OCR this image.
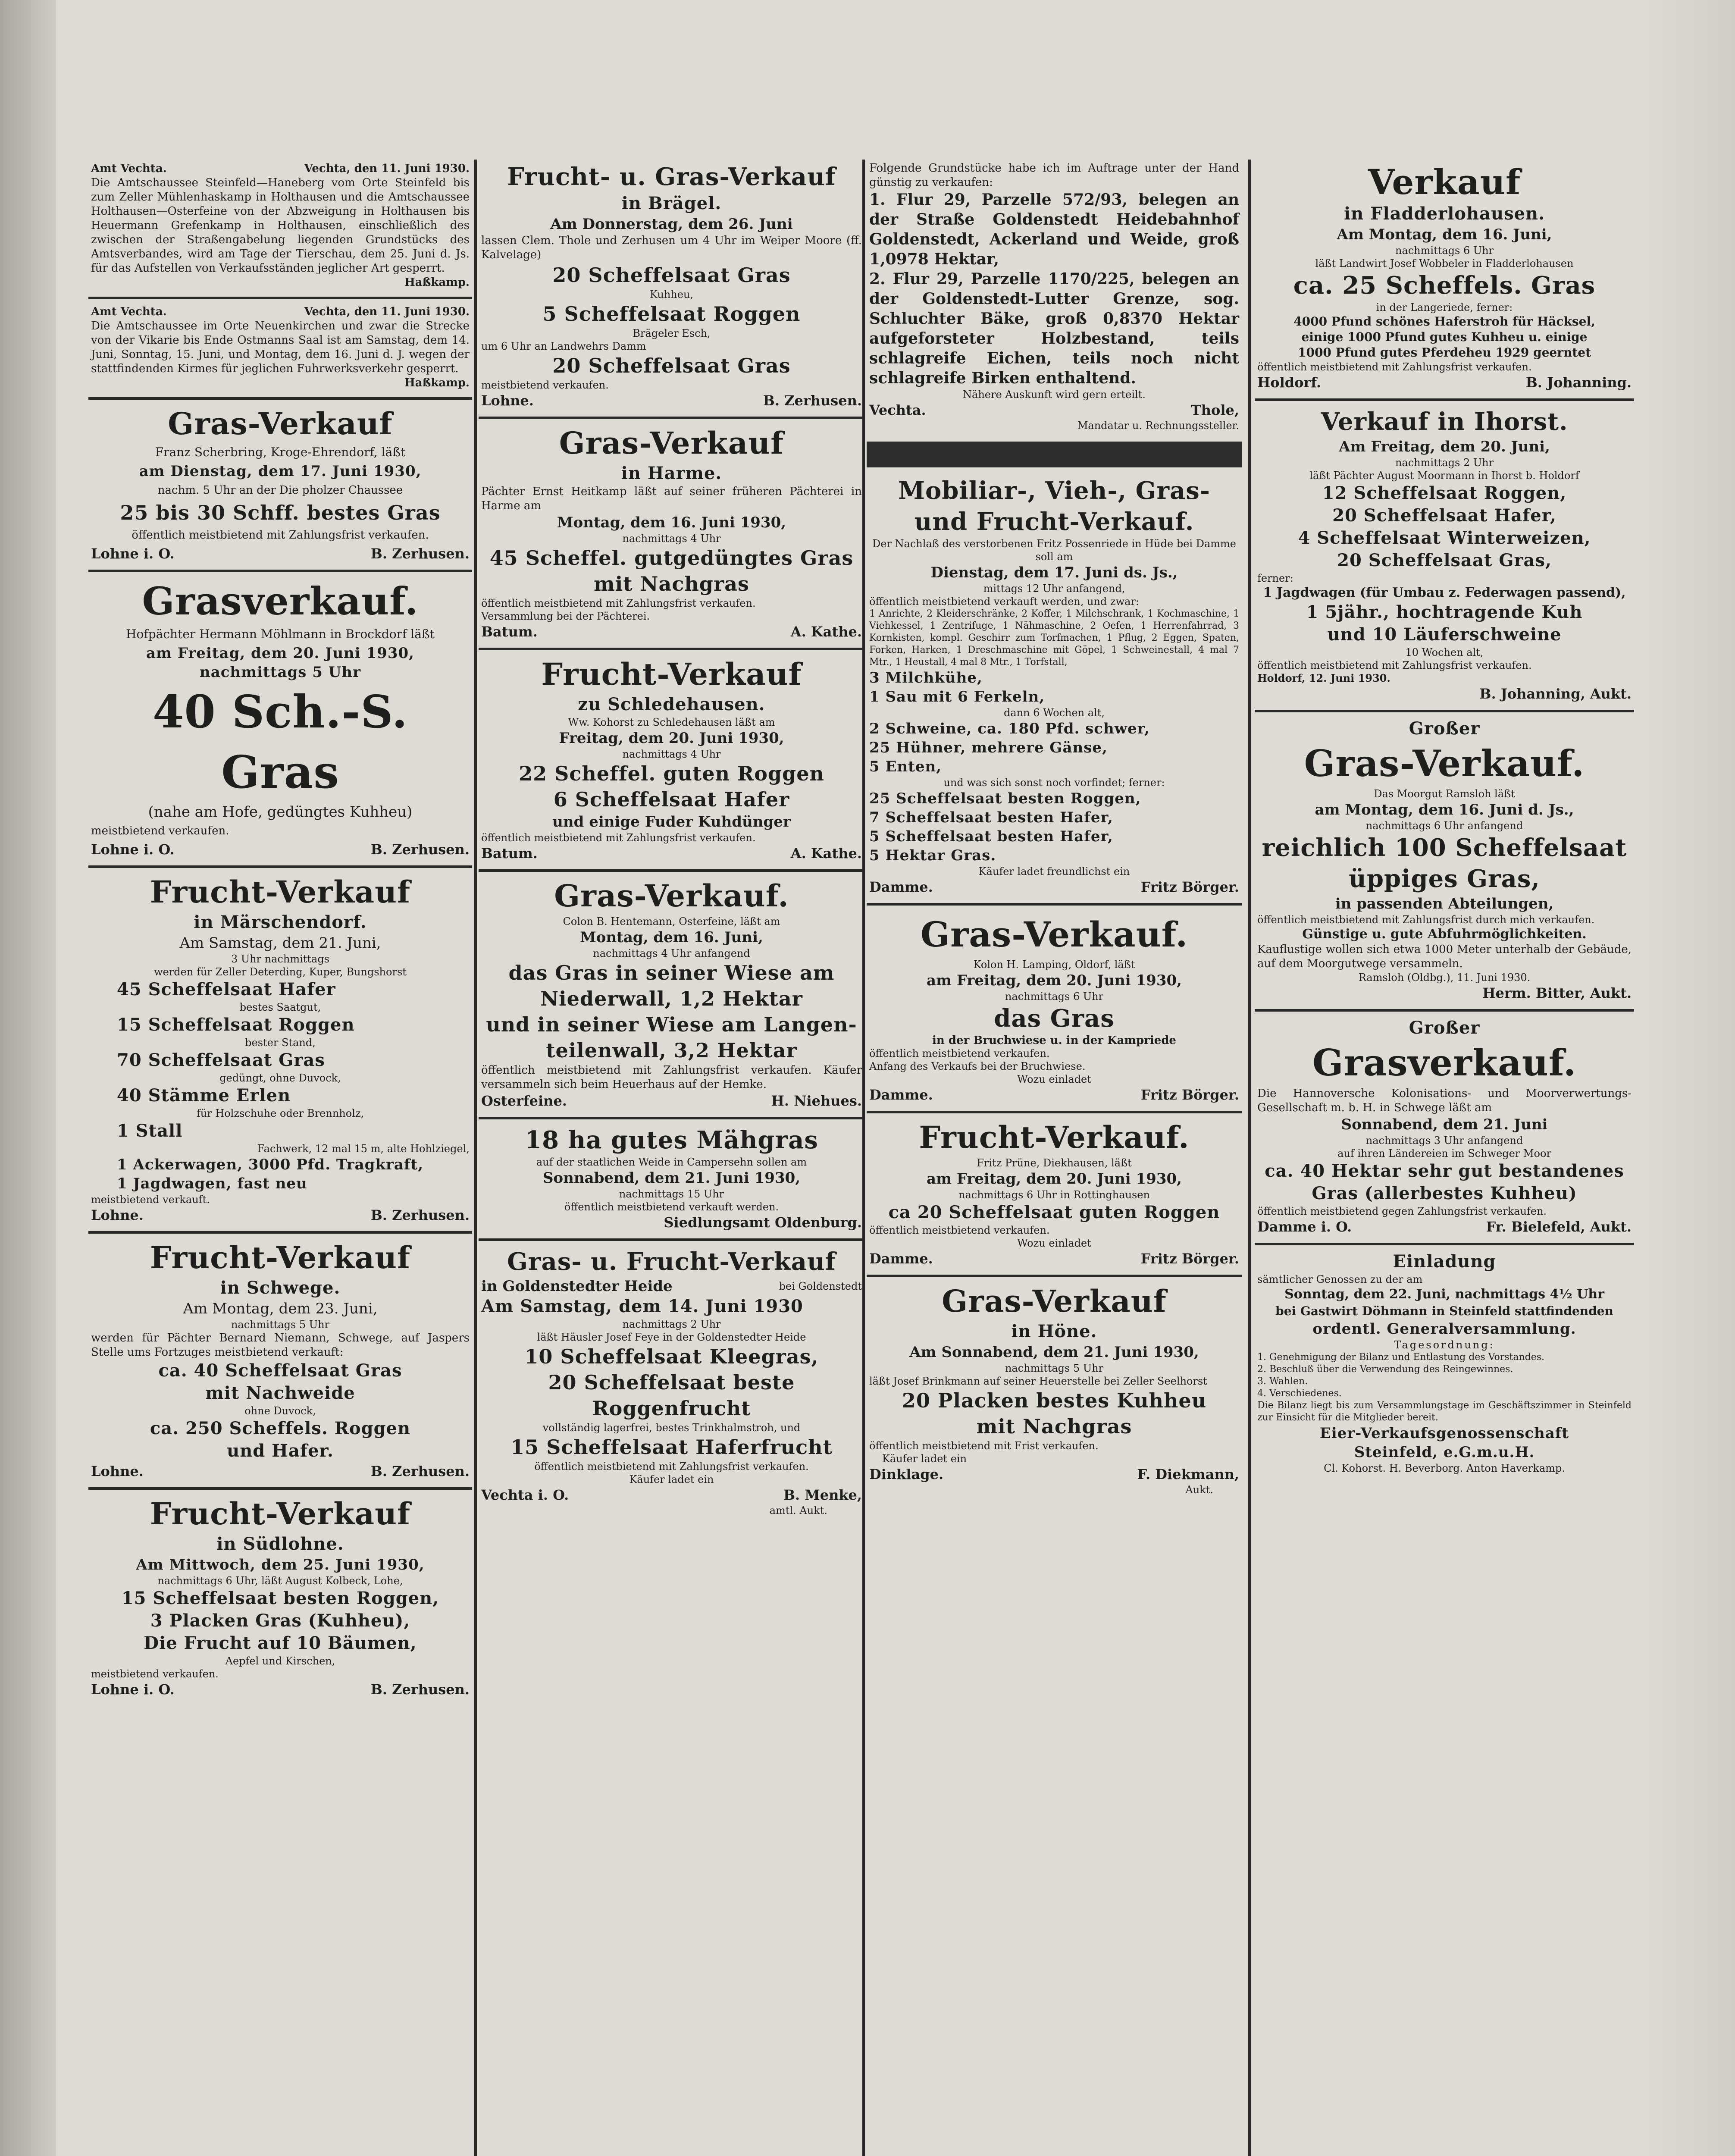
Amt Vechta.	Vechta, den 11. Juni 1930.
Die Amtschaussee Steinfeld—Haneberg vom Orte Steinfeld bis zum Zeller Mühlenhaskamp in Holthausen und die Amtschaussee Holthausen—Osterfeine von der Abzweigung in Holthausen bis Heuermann Grefenkamp in Holthausen, einschließlich des zwischen der Straßengabelung liegenden Grundstücks des Amtsverbandes, wird am Tage der Tierschau, dem 25. Juni d. Js. für das Aufstellen von Verkaufsständen jeglicher Art gesperrt.
Haßkamp.
Amt Vechta.	Vechta, den 11. Juni 1930.
Die Amtschaussee im Orte Neuenkirchen und zwar die Strecke von der Vikarie bis Ende Ostmanns Saal ist am Samstag, dem 14. Juni, Sonntag, 15. Juni, und Montag, dem 16. Juni d. J. wegen der stattfindenden Kirmes für jeglichen Fuhrwerksverkehr gesperrt.
Haßkamp.
Gras-Verkauf
Franz Scherbring, Kroge-Ehrendorf, läßt
am Dienstag, dem 17. Juni 1930,
nachm. 5 Uhr an der Die pholzer Chaussee
25 bis 30 Schff. bestes Gras
öffentlich meistbietend mit Zahlungsfrist verkaufen.
Lohne i. O.	B. Zerhusen.
Grasverkauf.
Hofpächter Hermann Möhlmann in Brockdorf läßt
am Freitag, dem 20. Juni 1930,
nachmittags 5 Uhr
40 Sch.-S. Gras
(nahe am Hofe, gedüngtes Kuhheu)
meistbietend verkaufen.
Lohne i. O.	B. Zerhusen.
Frucht-Verkauf
in Märschendorf.
Am Samstag, dem 21. Juni,
3 Uhr nachmittags
werden für Zeller Deterding, Kuper, Bungshorst
45 Scheffelsaat Hafer
bestes Saatgut,
15 Scheffelsaat Roggen
bester Stand,
70 Scheffelsaat Gras
gedüngt, ohne Duvock,
40 Stämme Erlen
für Holzschuhe oder Brennholz,
1 Stall
Fachwerk, 12 mal 15 m, alte Hohlziegel,
1 Ackerwagen, 3000 Pfd. Tragkraft,
1 Jagdwagen, fast neu
meistbietend verkauft.
Lohne.	B. Zerhusen.
Frucht-Verkauf
in Schwege.
Am Montag, dem 23. Juni,
nachmittags 5 Uhr
werden für Pächter Bernard Niemann, Schwege, auf Jaspers Stelle ums Fortzuges meistbietend verkauft:
ca. 40 Scheffelsaat Gras
mit Nachweide
ohne Duvock,
ca. 250 Scheffels. Roggen
und Hafer.
Lohne.	B. Zerhusen.
Frucht-Verkauf
in Südlohne.
Am Mittwoch, dem 25. Juni 1930,
nachmittags 6 Uhr, läßt August Kolbeck, Lohe,
15 Scheffelsaat besten Roggen,
3 Placken Gras (Kuhheu),
Die Frucht auf 10 Bäumen,
Aepfel und Kirschen,
meistbietend verkaufen.
Lohne i. O.	B. Zerhusen.
Frucht- u. Gras-Verkauf
in Brägel.
Am Donnerstag, dem 26. Juni
lassen Clem. Thole und Zerhusen um 4 Uhr im Weiper Moore (ff. Kalvelage)
20 Scheffelsaat Gras
Kuhheu,
5 Scheffelsaat Roggen
Brägeler Esch,
um 6 Uhr an Landwehrs Damm
20 Scheffelsaat Gras
meistbietend verkaufen.
Lohne.	B. Zerhusen.
Gras-Verkauf
in Harme.
Pächter Ernst Heitkamp läßt auf seiner früheren Pächterei in Harme am
Montag, dem 16. Juni 1930,
nachmittags 4 Uhr
45 Scheffel. gutgedüngtes Gras
mit Nachgras
öffentlich meistbietend mit Zahlungsfrist verkaufen.
Versammlung bei der Pächterei.
Batum.	A. Kathe.
Frucht-Verkauf
zu Schledehausen.
Ww. Kohorst zu Schledehausen läßt am
Freitag, dem 20. Juni 1930,
nachmittags 4 Uhr
22 Scheffel. guten Roggen
6 Scheffelsaat Hafer
und einige Fuder Kuhdünger
öffentlich meistbietend mit Zahlungsfrist verkaufen.
Batum.	A. Kathe.
Gras-Verkauf.
Colon B. Hentemann, Osterfeine, läßt am
Montag, dem 16. Juni,
nachmittags 4 Uhr anfangend
das Gras in seiner Wiese am
Niederwall, 1,2 Hektar
und in seiner Wiese am Langen-
teilenwall, 3,2 Hektar
öffentlich meistbietend mit Zahlungsfrist verkaufen. Käufer versammeln sich beim Heuerhaus auf der Hemke.
Osterfeine.	H. Niehues.
18 ha gutes Mähgras
auf der staatlichen Weide in Campersehn sollen am
Sonnabend, dem 21. Juni 1930,
nachmittags 15 Uhr
öffentlich meistbietend verkauft werden.
Siedlungsamt Oldenburg.
Gras- u. Frucht-Verkauf
in Goldenstedter Heide	bei Goldenstedt
Am Samstag, dem 14. Juni 1930
nachmittags 2 Uhr
läßt Häusler Josef Feye in der Goldenstedter Heide
10 Scheffelsaat Kleegras,
20 Scheffelsaat beste
Roggenfrucht
vollständig lagerfrei, bestes Trinkhalmstroh, und
15 Scheffelsaat Haferfrucht
öffentlich meistbietend mit Zahlungsfrist verkaufen.
Käufer ladet ein
Vechta i. O.	B. Menke,
amtl. Aukt.
Folgende Grundstücke habe ich im Auftrage unter der Hand günstig zu verkaufen:
1. Flur 29, Parzelle 572/93, belegen an der Straße Goldenstedt Heidebahnhof Goldenstedt, Ackerland und Weide, groß 1,0978 Hektar,
2. Flur 29, Parzelle 1170/225, belegen an der Goldenstedt-Lutter Grenze, sog. Schluchter Bäke, groß 0,8370 Hektar aufgeforsteter Holzbestand, teils schlagreife Eichen, teils noch nicht schlagreife Birken enthaltend.
Nähere Auskunft wird gern erteilt.
Vechta.	Thole,
Mandatar u. Rechnungssteller.
Mobiliar-, Vieh-, Gras-
und Frucht-Verkauf.
Der Nachlaß des verstorbenen Fritz Possenriede in Hüde bei Damme soll am
Dienstag, dem 17. Juni ds. Js.,
mittags 12 Uhr anfangend,
öffentlich meistbietend verkauft werden, und zwar:
1 Anrichte, 2 Kleiderschränke, 2 Koffer, 1 Milchschrank, 1 Kochmaschine, 1 Viehkessel, 1 Zentrifuge, 1 Nähmaschine, 2 Oefen, 1 Herrenfahrrad, 3 Kornkisten, kompl. Geschirr zum Torfmachen, 1 Pflug, 2 Eggen, Spaten, Forken, Harken, 1 Dreschmaschine mit Göpel, 1 Schweinestall, 4 mal 7 Mtr., 1 Heustall, 4 mal 8 Mtr., 1 Torfstall,
3 Milchkühe,
1 Sau mit 6 Ferkeln,
dann 6 Wochen alt,
2 Schweine, ca. 180 Pfd. schwer,
25 Hühner, mehrere Gänse,
5 Enten,
und was sich sonst noch vorfindet; ferner:
25 Scheffelsaat besten Roggen,
7 Scheffelsaat besten Hafer,
5 Scheffelsaat besten Hafer,
5 Hektar Gras.
Käufer ladet freundlichst ein
Damme.	Fritz Börger.
Gras-Verkauf.
Kolon H. Lamping, Oldorf, läßt
am Freitag, dem 20. Juni 1930,
nachmittags 6 Uhr
das Gras
in der Bruchwiese u. in der Kampriede
öffentlich meistbietend verkaufen.
Anfang des Verkaufs bei der Bruchwiese.
Wozu einladet
Damme.	Fritz Börger.
Frucht-Verkauf.
Fritz Prüne, Diekhausen, läßt
am Freitag, dem 20. Juni 1930,
nachmittags 6 Uhr in Rottinghausen
ca 20 Scheffelsaat guten Roggen
öffentlich meistbietend verkaufen.
Wozu einladet
Damme.	Fritz Börger.
Gras-Verkauf
in Höne.
Am Sonnabend, dem 21. Juni 1930,
nachmittags 5 Uhr
läßt Josef Brinkmann auf seiner Heuerstelle bei Zeller Seelhorst
20 Placken bestes Kuhheu
mit Nachgras
öffentlich meistbietend mit Frist verkaufen.
Käufer ladet ein
Dinklage.	F. Diekmann,
Aukt.
Verkauf
in Fladderlohausen.
Am Montag, dem 16. Juni,
nachmittags 6 Uhr
läßt Landwirt Josef Wobbeler in Fladderlohausen
ca. 25 Scheffels. Gras
in der Langeriede, ferner:
4000 Pfund schönes Haferstroh für Häcksel,
einige 1000 Pfund gutes Kuhheu u. einige
1000 Pfund gutes Pferdeheu 1929 geerntet
öffentlich meistbietend mit Zahlungsfrist verkaufen.
Holdorf.	B. Johanning.
Verkauf in Ihorst.
Am Freitag, dem 20. Juni,
nachmittags 2 Uhr
läßt Pächter August Moormann in Ihorst b. Holdorf
12 Scheffelsaat Roggen,
20 Scheffelsaat Hafer,
4 Scheffelsaat Winterweizen,
20 Scheffelsaat Gras,
ferner:
1 Jagdwagen (für Umbau z. Federwagen passend),
1 5jähr., hochtragende Kuh
und 10 Läuferschweine
10 Wochen alt,
öffentlich meistbietend mit Zahlungsfrist verkaufen.
Holdorf, 12. Juni 1930.
B. Johanning, Aukt.
Großer
Gras-Verkauf.
Das Moorgut Ramsloh läßt
am Montag, dem 16. Juni d. Js.,
nachmittags 6 Uhr anfangend
reichlich 100 Scheffelsaat
üppiges Gras,
in passenden Abteilungen,
öffentlich meistbietend mit Zahlungsfrist durch mich verkaufen.
Günstige u. gute Abfuhrmöglichkeiten.
Kauflustige wollen sich etwa 1000 Meter unterhalb der Gebäude, auf dem Moorgutwege versammeln.
Ramsloh (Oldbg.), 11. Juni 1930.
Herm. Bitter, Aukt.
Großer
Grasverkauf.
Die Hannoversche Kolonisations- und Moorverwertungs-Gesellschaft m. b. H. in Schwege läßt am
Sonnabend, dem 21. Juni
nachmittags 3 Uhr anfangend
auf ihren Ländereien im Schweger Moor
ca. 40 Hektar sehr gut bestandenes
Gras (allerbestes Kuhheu)
öffentlich meistbietend gegen Zahlungsfrist verkaufen.
Damme i. O.	Fr. Bielefeld, Aukt.
Einladung
sämtlicher Genossen zu der am
Sonntag, dem 22. Juni, nachmittags 4½ Uhr
bei Gastwirt Döhmann in Steinfeld stattfindenden
ordentl. Generalversammlung.
Tagesordnung:
1. Genehmigung der Bilanz und Entlastung des Vorstandes.
2. Beschluß über die Verwendung des Reingewinnes.
3. Wahlen.
4. Verschiedenes.
Die Bilanz liegt bis zum Versammlungstage im Geschäftszimmer in Steinfeld zur Einsicht für die Mitglieder bereit.
Eier-Verkaufsgenossenschaft
Steinfeld, e.G.m.u.H.
Cl. Kohorst. H. Beverborg. Anton Haverkamp.
